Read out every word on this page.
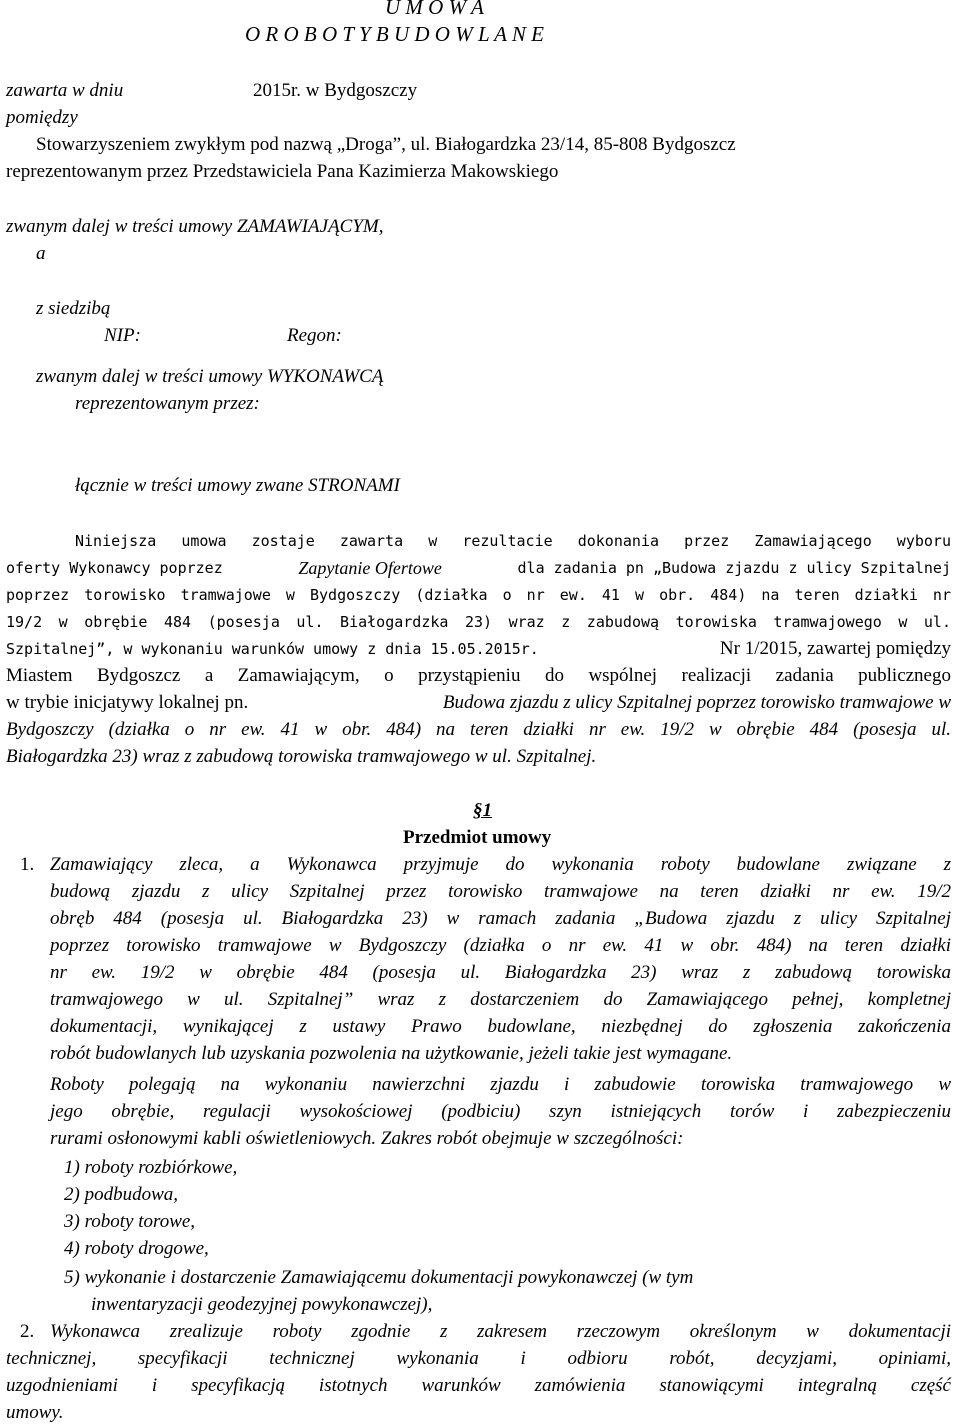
U M O W A
O R O B O T Y B U D O W L A N E
zawarta w dniu	2015r. w Bydgoszczy
pomiędzy
Stowarzyszeniem zwykłym pod nazwą „Droga”, ul. Białogardzka 23/14, 85-808 Bydgoszcz
reprezentowanym przez Przedstawiciela Pana Kazimierza Makowskiego
zwanym dalej w treści umowy ZAMAWIAJĄCYM,
a
z siedzibą
NIP:	Regon:
zwanym dalej w treści umowy WYKONAWCĄ
reprezentowanym przez:
łącznie w treści umowy zwane STRONAMI
Niniejsza umowa zostaje zawarta w rezultacie dokonania przez Zamawiającego wyboru
oferty Wykonawcy poprzez	Zapytanie Ofertowe	dla zadania pn „Budowa zjazdu z ulicy Szpitalnej
poprzez torowisko tramwajowe w Bydgoszczy (działka o nr ew. 41 w obr. 484) na teren działki nr
19/2 w obrębie 484 (posesja ul. Białogardzka 23) wraz z zabudową torowiska tramwajowego w ul.
Szpitalnej”, w wykonaniu warunków umowy z dnia 15.05.2015r.	Nr 1/2015, zawartej pomiędzy
Miastem Bydgoszcz a Zamawiającym, o przystąpieniu do wspólnej realizacji zadania publicznego
w trybie inicjatywy lokalnej pn.	Budowa zjazdu z ulicy Szpitalnej poprzez torowisko tramwajowe w
Bydgoszczy (działka o nr ew. 41 w obr. 484) na teren działki nr ew. 19/2 w obrębie 484 (posesja ul.
Białogardzka 23) wraz z zabudową torowiska tramwajowego w ul. Szpitalnej.
§1
Przedmiot umowy
1. Zamawiający zleca, a Wykonawca przyjmuje do wykonania roboty budowlane związane z
budową zjazdu z ulicy Szpitalnej przez torowisko tramwajowe na teren działki nr ew. 19/2
obręb 484 (posesja ul. Białogardzka 23) w ramach zadania „Budowa zjazdu z ulicy Szpitalnej
poprzez torowisko tramwajowe w Bydgoszczy (działka o nr ew. 41 w obr. 484) na teren działki
nr ew. 19/2 w obrębie 484 (posesja ul. Białogardzka 23) wraz z zabudową torowiska
tramwajowego w ul. Szpitalnej” wraz z dostarczeniem do Zamawiającego pełnej, kompletnej
dokumentacji, wynikającej z ustawy Prawo budowlane, niezbędnej do zgłoszenia zakończenia
robót budowlanych lub uzyskania pozwolenia na użytkowanie, jeżeli takie jest wymagane.
Roboty polegają na wykonaniu nawierzchni zjazdu i zabudowie torowiska tramwajowego w
jego obrębie, regulacji wysokościowej (podbiciu) szyn istniejących torów i zabezpieczeniu
rurami osłonowymi kabli oświetleniowych. Zakres robót obejmuje w szczególności:
1) roboty rozbiórkowe,
2) podbudowa,
3) roboty torowe,
4) roboty drogowe,
5) wykonanie i dostarczenie Zamawiającemu dokumentacji powykonawczej (w tym
inwentaryzacji geodezyjnej powykonawczej),
2. Wykonawca zrealizuje roboty zgodnie z zakresem rzeczowym określonym w dokumentacji
technicznej, specyfikacji technicznej wykonania i odbioru robót, decyzjami, opiniami,
uzgodnieniami i specyfikacją istotnych warunków zamówienia stanowiącymi integralną część
umowy.
